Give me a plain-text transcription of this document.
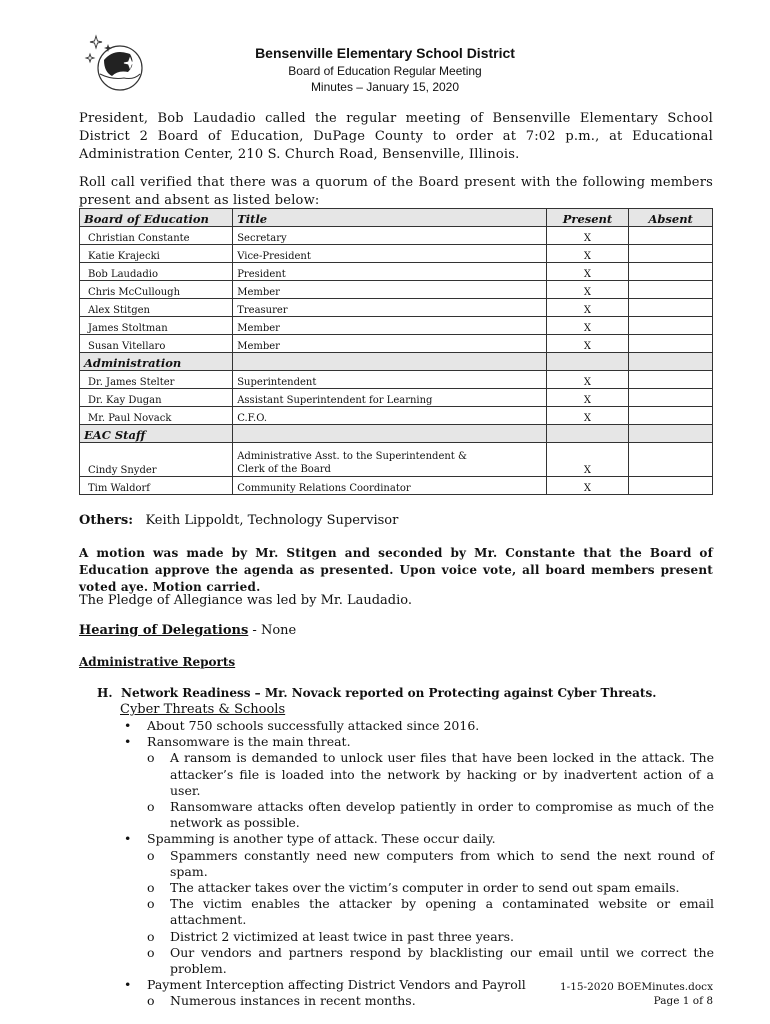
Bensenville Elementary School District
Board of Education Regular Meeting
Minutes – January 15, 2020
President, Bob Laudadio called the regular meeting of Bensenville Elementary School District 2 Board of Education, DuPage County to order at 7:02 p.m., at Educational Administration Center, 210 S. Church Road, Bensenville, Illinois.
Roll call verified that there was a quorum of the Board present with the following members present and absent as listed below:
Board of Education	Title	Present	Absent
Christian Constante	Secretary	X	
Katie Krajecki	Vice-President	X	
Bob Laudadio	President	X	
Chris McCullough	Member	X	
Alex Stitgen	Treasurer	X	
James Stoltman	Member	X	
Susan Vitellaro	Member	X	
Administration			
Dr. James Stelter	Superintendent	X	
Dr. Kay Dugan	Assistant Superintendent for Learning	X	
Mr. Paul Novack	C.F.O.	X	
EAC Staff			
Cindy Snyder	Administrative Asst. to the Superintendent &
Clerk of the Board	X	
Tim Waldorf	Community Relations Coordinator	X	
Others: Keith Lippoldt, Technology Supervisor
A motion was made by Mr. Stitgen and seconded by Mr. Constante that the Board of Education approve the agenda as presented. Upon voice vote, all board members present voted aye. Motion carried.
The Pledge of Allegiance was led by Mr. Laudadio.
Hearing of Delegations - None
Administrative Reports
H. Network Readiness – Mr. Novack reported on Protecting against Cyber Threats.
Cyber Threats & Schools
• About 750 schools successfully attacked since 2016.
• Ransomware is the main threat.
o A ransom is demanded to unlock user files that have been locked in the attack. The attacker’s file is loaded into the network by hacking or by inadvertent action of a user.
o Ransomware attacks often develop patiently in order to compromise as much of the network as possible.
• Spamming is another type of attack. These occur daily.
o Spammers constantly need new computers from which to send the next round of spam.
o The attacker takes over the victim’s computer in order to send out spam emails.
o The victim enables the attacker by opening a contaminated website or email attachment.
o District 2 victimized at least twice in past three years.
o Our vendors and partners respond by blacklisting our email until we correct the problem.
• Payment Interception affecting District Vendors and Payroll
o Numerous instances in recent months.
1-15-2020 BOEMinutes.docx
Page 1 of 8
